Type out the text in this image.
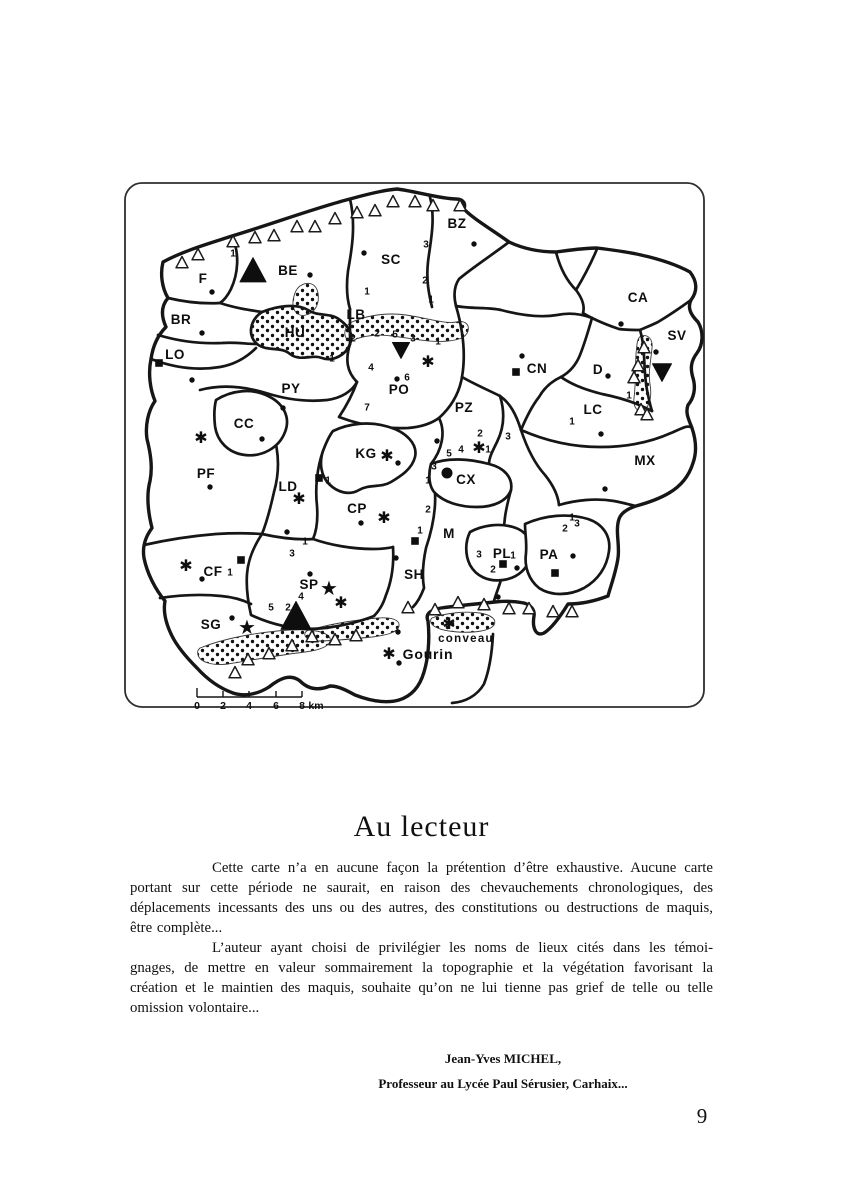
★
★
✱
✱
✱
✱	✱
✱
✱
✱
✱
✱
F
BE
SC
BZ
CA
SV
BR
LO
HU
LB
CN	D
PY	PO
PZ	LC
CC
MX
PF
KG
CX
LD
CP
M
SH
PL PA
CF
SP
SG
conveau
Gourin
1
3
2
1
1
2 2 5 3 1
1
4
6
7
2 3
5 4 1
3
1
2
1
1
1
1
3	1
2
1
3
2
1
3
4
5 2
1
0 2 4 6 8 km
Au lecteur
Cette carte n’a en aucune façon la prétention d’être exhaustive. Aucune carte
portant sur cette période ne saurait, en raison des chevauchements chronologiques, des
déplacements incessants des uns ou des autres, des constitutions ou destructions de maquis,
être complète...
L’auteur ayant choisi de privilégier les noms de lieux cités dans les témoi-
gnages, de mettre en valeur sommairement la topographie et la végétation favorisant la
création et le maintien des maquis, souhaite qu’on ne lui tienne pas grief de telle ou telle
omission volontaire...
Jean-Yves MICHEL,
Professeur au Lycée Paul Sérusier, Carhaix...
9
